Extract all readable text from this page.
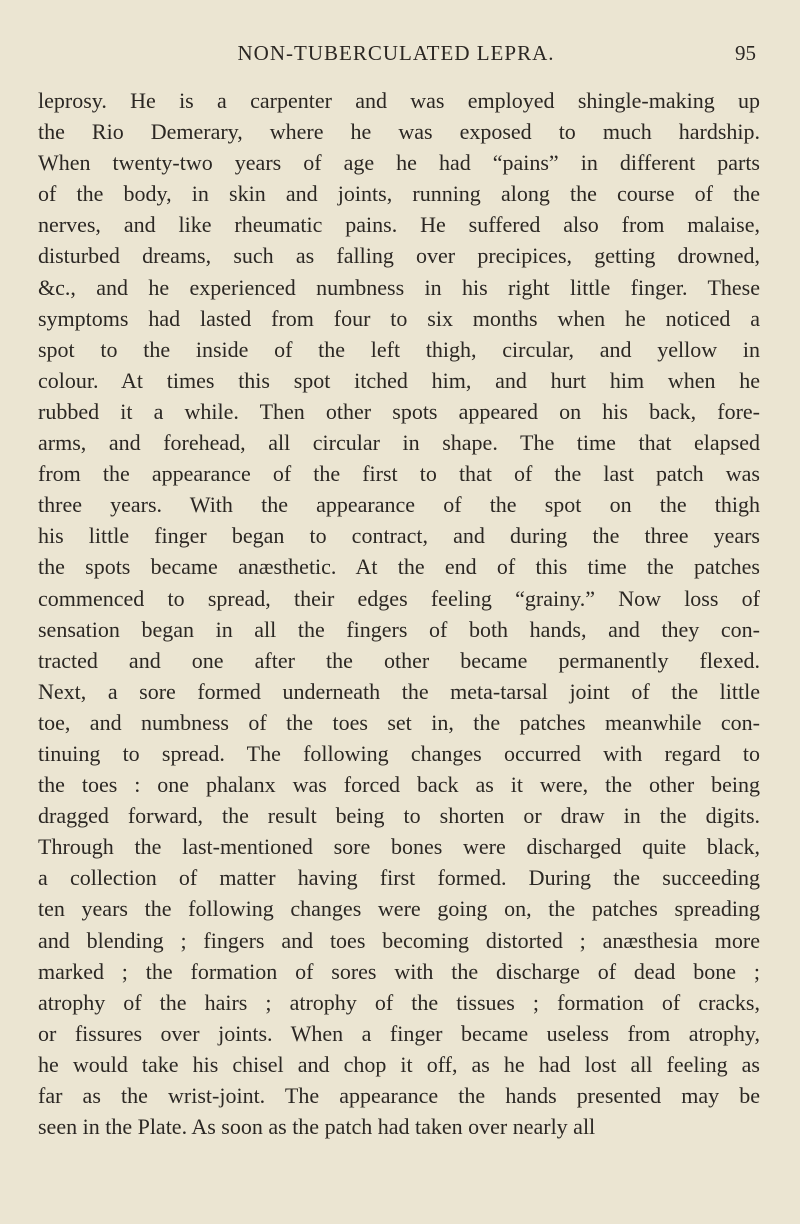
NON-TUBERCULATED LEPRA.	95
leprosy. He is a carpenter and was employed shingle-making up
the Rio Demerary, where he was exposed to much hardship.
When twenty-two years of age he had “pains” in different parts
of the body, in skin and joints, running along the course of the
nerves, and like rheumatic pains. He suffered also from malaise,
disturbed dreams, such as falling over precipices, getting drowned,
&c., and he experienced numbness in his right little finger. These
symptoms had lasted from four to six months when he noticed a
spot to the inside of the left thigh, circular, and yellow in
colour. At times this spot itched him, and hurt him when he
rubbed it a while. Then other spots appeared on his back, fore-
arms, and forehead, all circular in shape. The time that elapsed
from the appearance of the first to that of the last patch was
three years. With the appearance of the spot on the thigh
his little finger began to contract, and during the three years
the spots became anæsthetic. At the end of this time the patches
commenced to spread, their edges feeling “grainy.” Now loss of
sensation began in all the fingers of both hands, and they con-
tracted and one after the other became permanently flexed.
Next, a sore formed underneath the meta-tarsal joint of the little
toe, and numbness of the toes set in, the patches meanwhile con-
tinuing to spread. The following changes occurred with regard to
the toes : one phalanx was forced back as it were, the other being
dragged forward, the result being to shorten or draw in the digits.
Through the last-mentioned sore bones were discharged quite black,
a collection of matter having first formed. During the succeeding
ten years the following changes were going on, the patches spreading
and blending ; fingers and toes becoming distorted ; anæsthesia more
marked ; the formation of sores with the discharge of dead bone ;
atrophy of the hairs ; atrophy of the tissues ; formation of cracks,
or fissures over joints. When a finger became useless from atrophy,
he would take his chisel and chop it off, as he had lost all feeling as
far as the wrist-joint. The appearance the hands presented may be
seen in the Plate. As soon as the patch had taken over nearly all
